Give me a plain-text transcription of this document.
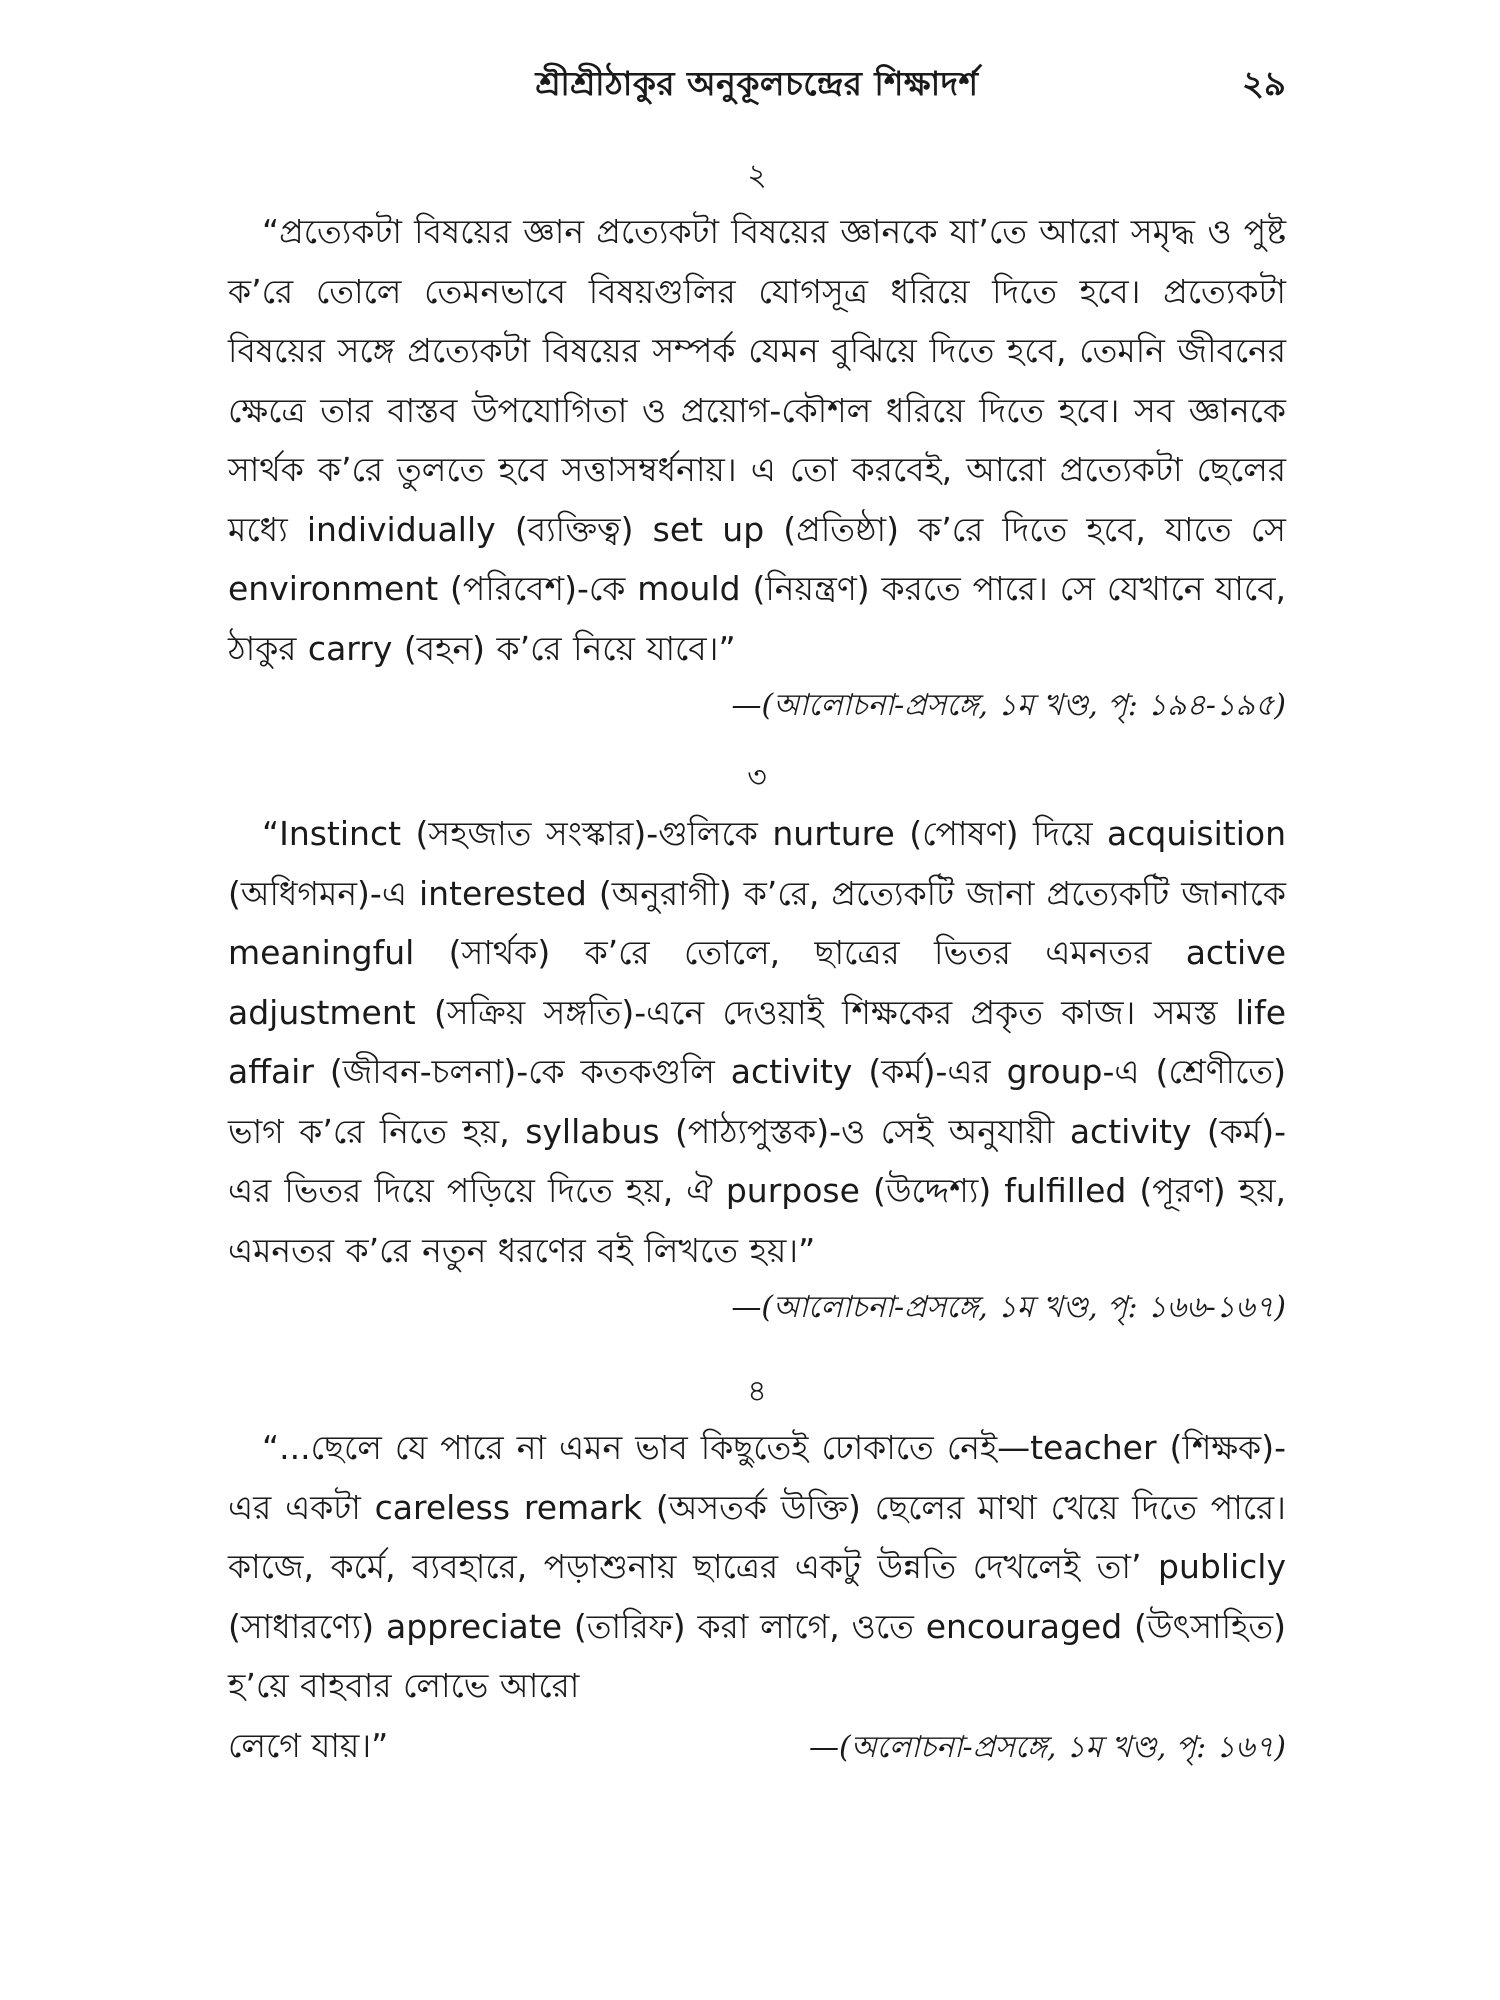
শ্রীশ্রীঠাকুর অনুকূলচন্দ্রের শিক্ষাদর্শ	২৯
২

“প্রত্যেকটা বিষয়ের জ্ঞান প্রত্যেকটা বিষয়ের জ্ঞানকে যা’তে আরো সমৃদ্ধ ও পুষ্ট ক’রে তোলে তেমনভাবে বিষয়গুলির যোগসূত্র ধরিয়ে দিতে হবে। প্রত্যেকটা বিষয়ের সঙ্গে প্রত্যেকটা বিষয়ের সম্পর্ক যেমন বুঝিয়ে দিতে হবে, তেমনি জীবনের ক্ষেত্রে তার বাস্তব উপযোগিতা ও প্রয়োগ-কৌশল ধরিয়ে দিতে হবে। সব জ্ঞানকে সার্থক ক’রে তুলতে হবে সত্তাসম্বর্ধনায়। এ তো করবেই, আরো প্রত্যেকটা ছেলের মধ্যে individually (ব্যক্তিত্ব) set up (প্রতিষ্ঠা) ক’রে দিতে হবে, যাতে সে environment (পরিবেশ)-কে mould (নিয়ন্ত্রণ) করতে পারে। সে যেখানে যাবে, ঠাকুর carry (বহন) ক’রে নিয়ে যাবে।”

—(আলোচনা-প্রসঙ্গে, ১ম খণ্ড, পৃ: ১৯৪-১৯৫)
৩

“Instinct (সহজাত সংস্কার)-গুলিকে nurture (পোষণ) দিয়ে acquisition (অধিগমন)-এ interested (অনুরাগী) ক’রে, প্রত্যেকটি জানা প্রত্যেকটি জানাকে meaningful (সার্থক) ক’রে তোলে, ছাত্রের ভিতর এমনতর active adjustment (সক্রিয় সঙ্গতি)-এনে দেওয়াই শিক্ষকের প্রকৃত কাজ। সমস্ত life affair (জীবন-চলনা)-কে কতকগুলি activity (কর্ম)-এর group-এ (শ্রেণীতে) ভাগ ক’রে নিতে হয়, syllabus (পাঠ্যপুস্তক)-ও সেই অনুযায়ী activity (কর্ম)-এর ভিতর দিয়ে পড়িয়ে দিতে হয়, ঐ purpose (উদ্দেশ্য) fulfilled (পূরণ) হয়, এমনতর ক’রে নতুন ধরণের বই লিখতে হয়।”

—(আলোচনা-প্রসঙ্গে, ১ম খণ্ড, পৃ: ১৬৬-১৬৭)
৪

“...ছেলে যে পারে না এমন ভাব কিছুতেই ঢোকাতে নেই—teacher (শিক্ষক)-এর একটা careless remark (অসতর্ক উক্তি) ছেলের মাথা খেয়ে দিতে পারে। কাজে, কর্মে, ব্যবহারে, পড়াশুনায় ছাত্রের একটু উন্নতি দেখলেই তা’ publicly (সাধারণ্যে) appreciate (তারিফ) করা লাগে, ওতে encouraged (উৎসাহিত) হ’য়ে বাহবার লোভে আরো

লেগে যায়।”	—(অলোচনা-প্রসঙ্গে, ১ম খণ্ড, পৃ: ১৬৭)
